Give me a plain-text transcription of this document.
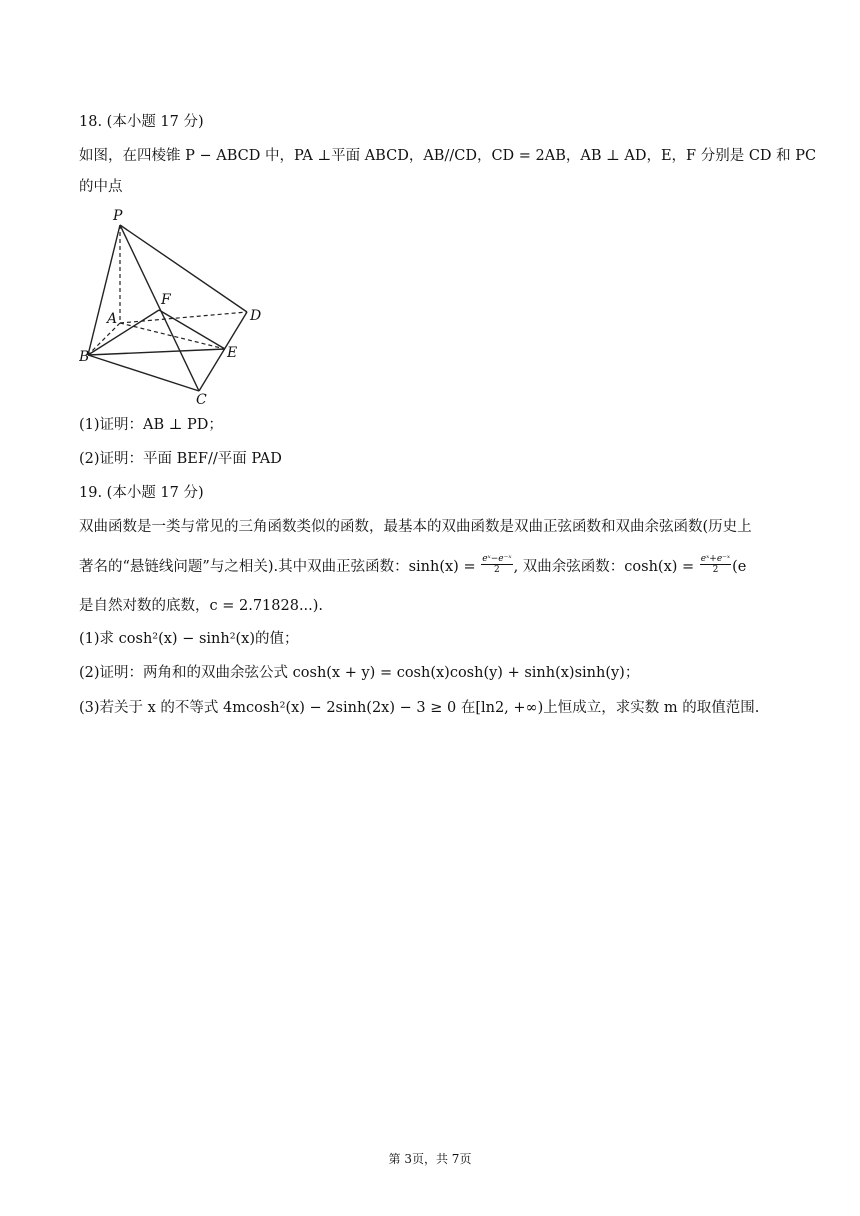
18. (本小题 17 分)
如图，在四棱锥 P − ABCD 中，PA ⊥平面 ABCD，AB//CD，CD = 2AB，AB ⊥ AD，E，F 分别是 CD 和 PC
的中点
P
A
F
D
B	E
C
(1)证明：AB ⊥ PD；
(2)证明：平面 BEF//平面 PAD
19. (本小题 17 分)
双曲函数是一类与常见的三角函数类似的函数，最基本的双曲函数是双曲正弦函数和双曲余弦函数(历史上
著名的“悬链线问题”与之相关).其中双曲正弦函数：$\sinh(x) = \frac{\text{eˣ−e⁻ˣ}}{2}$ , 双曲余弦函数：$\cosh(x) = \frac{\text{eˣ+e⁻ˣ}}{2} (e$
是自然对数的底数，c = 2.71828...).
(1)求 cosh²(x) − sinh²(x)的值；
(2)证明：两角和的双曲余弦公式 cosh(x + y) = cosh(x)cosh(y) + sinh(x)sinh(y)；
(3)若关于 x 的不等式 4mcosh²(x) − 2sinh(2x) − 3 ≥ 0 在[ln2, +∞)上恒成立，求实数 m 的取值范围.
第 3页，共 7页
